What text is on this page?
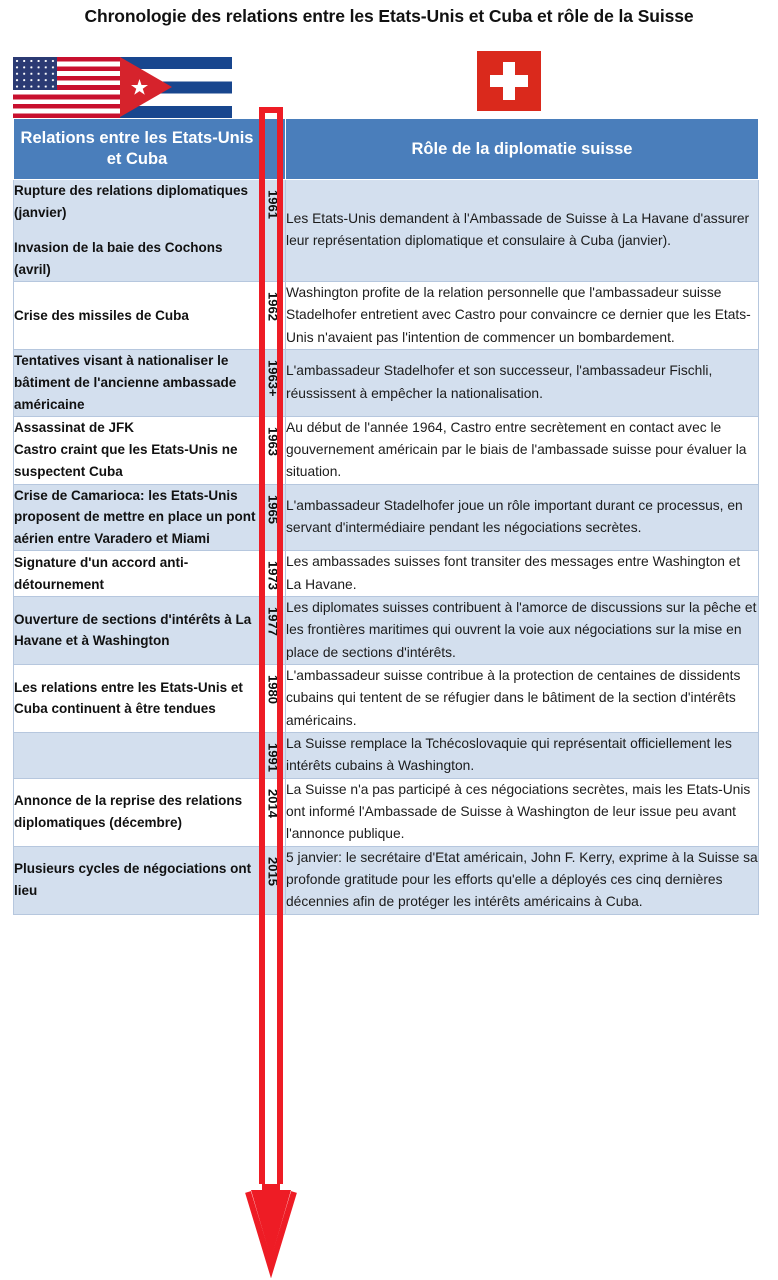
Chronologie des relations entre les Etats-Unis et Cuba et rôle de la Suisse
Relations entre les Etats-Unis et Cuba		Rôle de la diplomatie suisse

Rupture des relations diplomatiques (janvier)
Invasion de la baie des Cochons (avril)	1961	Les Etats-Unis demandent à l'Ambassade de Suisse à La Havane d'assurer leur représentation diplomatique et consulaire à Cuba (janvier).

Crise des missiles de Cuba	1962	Washington profite de la relation personnelle que l'ambassadeur suisse Stadelhofer entretient avec Castro pour convaincre ce dernier que les Etats-Unis n'avaient pas l'intention de commencer un bombardement.

Tentatives visant à nationaliser le bâtiment de l'ancienne ambassade américaine	1963+	L'ambassadeur Stadelhofer et son successeur, l'ambassadeur Fischli, réussissent à empêcher la nationalisation.

Assassinat de JFK
Castro craint que les Etats-Unis ne suspectent Cuba	1963	Au début de l'année 1964, Castro entre secrètement en contact avec le gouvernement américain par le biais de l'ambassade suisse pour évaluer la situation.

Crise de Camarioca: les Etats-Unis proposent de mettre en place un pont aérien entre Varadero et Miami	1965	L'ambassadeur Stadelhofer joue un rôle important durant ce processus, en servant d'intermédiaire pendant les négociations secrètes.

Signature d'un accord anti-détournement	1973	Les ambassades suisses font transiter des messages entre Washington et La Havane.

Ouverture de sections d'intérêts à La Havane et à Washington	1977	Les diplomates suisses contribuent à l'amorce de discussions sur la pêche et les frontières maritimes qui ouvrent la voie aux négociations sur la mise en place de sections d'intérêts.

Les relations entre les Etats-Unis et Cuba continuent à être tendues	1980	L'ambassadeur suisse contribue à la protection de centaines de dissidents cubains qui tentent de se réfugier dans le bâtiment de la section d'intérêts américains.

	1991	La Suisse remplace la Tchécoslovaquie qui représentait officiellement les intérêts cubains à Washington.

Annonce de la reprise des relations diplomatiques (décembre)	2014	La Suisse n'a pas participé à ces négociations secrètes, mais les Etats-Unis ont informé l'Ambassade de Suisse à Washington de leur issue peu avant l'annonce publique.

Plusieurs cycles de négociations ont lieu	2015	5 janvier: le secrétaire d'Etat américain, John F. Kerry, exprime à la Suisse sa profonde gratitude pour les efforts qu'elle a déployés ces cinq dernières décennies afin de protéger les intérêts américains à Cuba.
